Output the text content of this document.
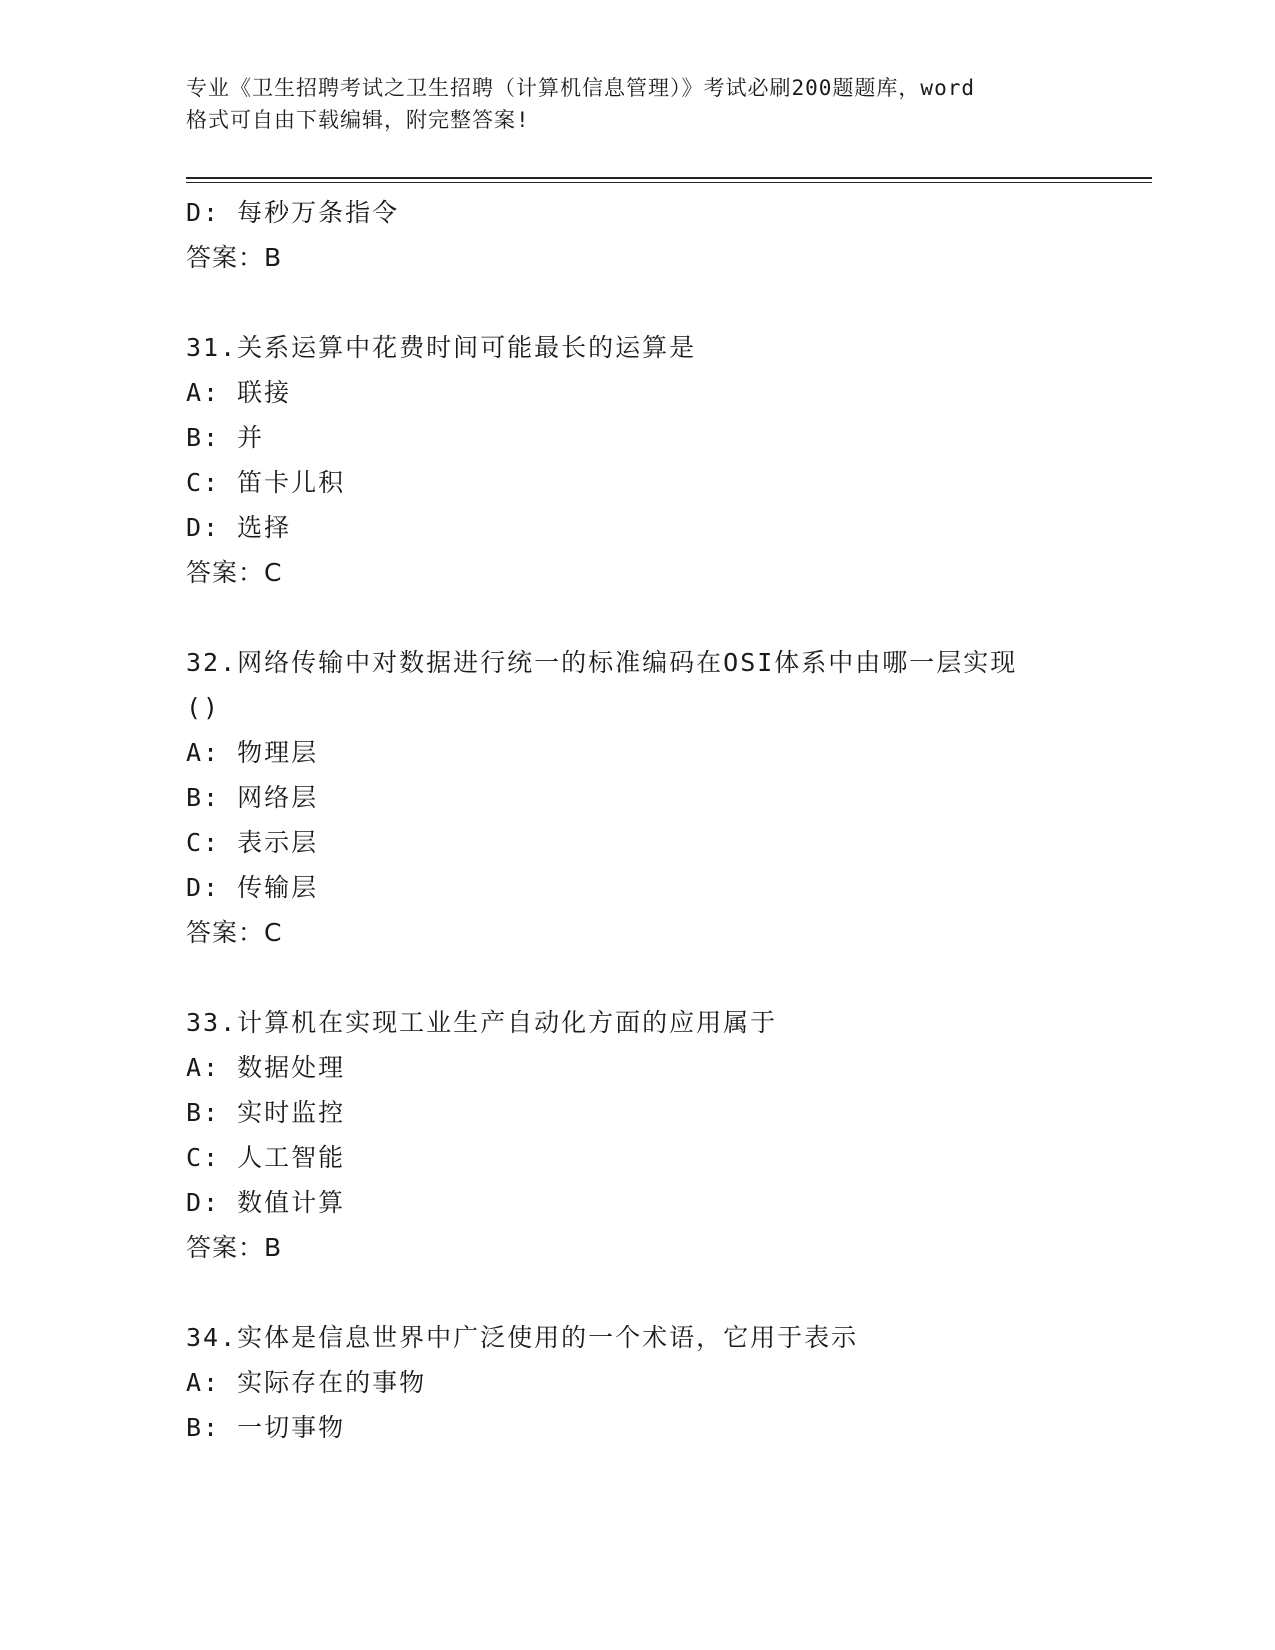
专业《卫生招聘考试之卫生招聘（计算机信息管理）》考试必刷200题题库，word
格式可自由下载编辑，附完整答案!
D: 每秒万条指令
答案：B
31.关系运算中花费时间可能最长的运算是
A: 联接
B: 并
C: 笛卡儿积
D: 选择
答案：C
32.网络传输中对数据进行统一的标准编码在OSI体系中由哪一层实现
()
A: 物理层
B: 网络层
C: 表示层
D: 传输层
答案：C
33.计算机在实现工业生产自动化方面的应用属于
A: 数据处理
B: 实时监控
C: 人工智能
D: 数值计算
答案：B
34.实体是信息世界中广泛使用的一个术语，它用于表示
A: 实际存在的事物
B: 一切事物
